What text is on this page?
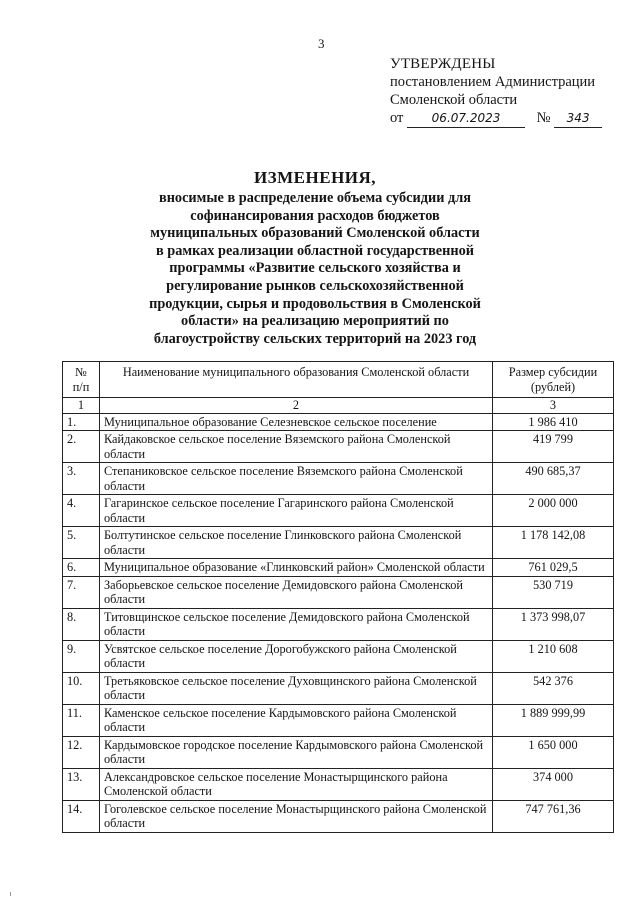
3
УТВЕРЖДЕНЫ
постановлением Администрации
Смоленской области
от 06.07.2023	№ 343
ИЗМЕНЕНИЯ,
вносимые в распределение объема субсидии для
софинансирования расходов бюджетов
муниципальных образований Смоленской области
в рамках реализации областной государственной
программы «Развитие сельского хозяйства и
регулирование рынков сельскохозяйственной
продукции, сырья и продовольствия в Смоленской
области» на реализацию мероприятий по
благоустройству сельских территорий на 2023 год
№
п/п	Наименование муниципального образования Смоленской области	Размер субсидии (рублей)
1	2	3
1.	Муниципальное образование Селезневское сельское поселение	1 986 410
2.	Кайдаковское сельское поселение Вяземского района Смоленской области	419 799
3.	Степаниковское сельское поселение Вяземского района Смоленской области	490 685,37
4.	Гагаринское сельское поселение Гагаринского района Смоленской области	2 000 000
5.	Болтутинское сельское поселение Глинковского района Смоленской области	1 178 142,08
6.	Муниципальное образование «Глинковский район» Смоленской области	761 029,5
7.	Заборьевское сельское поселение Демидовского района Смоленской области	530 719
8.	Титовщинское сельское поселение Демидовского района Смоленской области	1 373 998,07
9.	Усвятское сельское поселение Дорогобужского района Смоленской области	1 210 608
10.	Третьяковское сельское поселение Духовщинского района Смоленской области	542 376
11.	Каменское сельское поселение Кардымовского района Смоленской области	1 889 999,99
12.	Кардымовское городское поселение Кардымовского района Смоленской области	1 650 000
13.	Александровское сельское поселение Монастырщинского района Смоленской области	374 000
14.	Гоголевское сельское поселение Монастырщинского района Смоленской области	747 761,36
